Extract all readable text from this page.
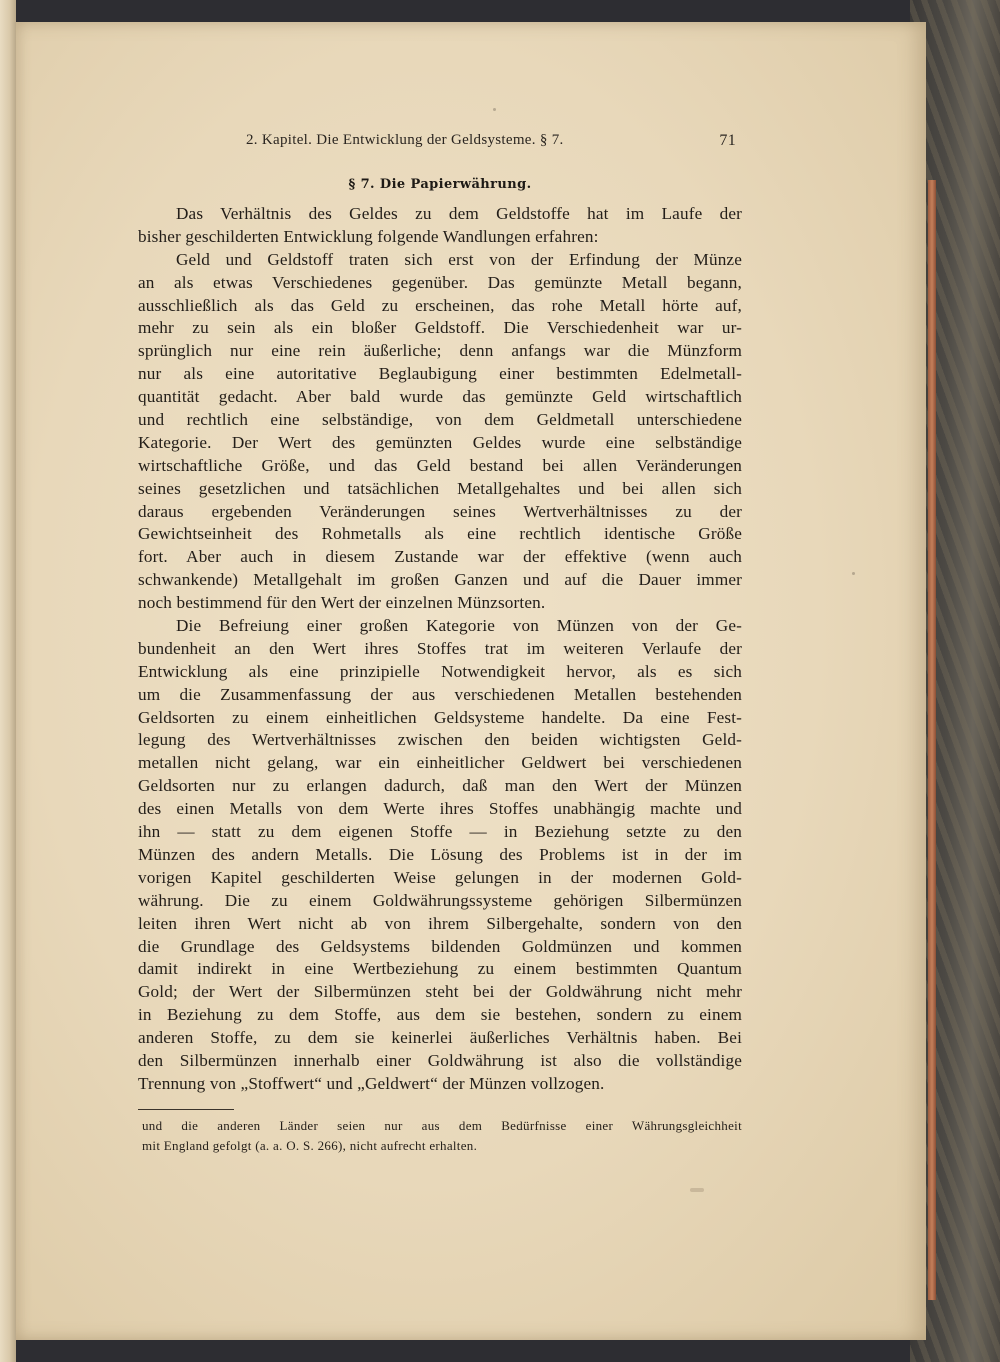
2. Kapitel. Die Entwicklung der Geldsysteme. § 7.	71
§ 7. Die Papierwährung.
Das Verhältnis des Geldes zu dem Geldstoffe hat im Laufe der
bisher geschilderten Entwicklung folgende Wandlungen erfahren:
Geld und Geldstoff traten sich erst von der Erfindung der Münze
an als etwas Verschiedenes gegenüber. Das gemünzte Metall begann,
ausschließlich als das Geld zu erscheinen, das rohe Metall hörte auf,
mehr zu sein als ein bloßer Geldstoff. Die Verschiedenheit war ur-
sprünglich nur eine rein äußerliche; denn anfangs war die Münzform
nur als eine autoritative Beglaubigung einer bestimmten Edelmetall-
quantität gedacht. Aber bald wurde das gemünzte Geld wirtschaftlich
und rechtlich eine selbständige, von dem Geldmetall unterschiedene
Kategorie. Der Wert des gemünzten Geldes wurde eine selbständige
wirtschaftliche Größe, und das Geld bestand bei allen Veränderungen
seines gesetzlichen und tatsächlichen Metallgehaltes und bei allen sich
daraus ergebenden Veränderungen seines Wertverhältnisses zu der
Gewichtseinheit des Rohmetalls als eine rechtlich identische Größe
fort. Aber auch in diesem Zustande war der effektive (wenn auch
schwankende) Metallgehalt im großen Ganzen und auf die Dauer immer
noch bestimmend für den Wert der einzelnen Münzsorten.
Die Befreiung einer großen Kategorie von Münzen von der Ge-
bundenheit an den Wert ihres Stoffes trat im weiteren Verlaufe der
Entwicklung als eine prinzipielle Notwendigkeit hervor, als es sich
um die Zusammenfassung der aus verschiedenen Metallen bestehenden
Geldsorten zu einem einheitlichen Geldsysteme handelte. Da eine Fest-
legung des Wertverhältnisses zwischen den beiden wichtigsten Geld-
metallen nicht gelang, war ein einheitlicher Geldwert bei verschiedenen
Geldsorten nur zu erlangen dadurch, daß man den Wert der Münzen
des einen Metalls von dem Werte ihres Stoffes unabhängig machte und
ihn — statt zu dem eigenen Stoffe — in Beziehung setzte zu den
Münzen des andern Metalls. Die Lösung des Problems ist in der im
vorigen Kapitel geschilderten Weise gelungen in der modernen Gold-
währung. Die zu einem Goldwährungssysteme gehörigen Silbermünzen
leiten ihren Wert nicht ab von ihrem Silbergehalte, sondern von den
die Grundlage des Geldsystems bildenden Goldmünzen und kommen
damit indirekt in eine Wertbeziehung zu einem bestimmten Quantum
Gold; der Wert der Silbermünzen steht bei der Goldwährung nicht mehr
in Beziehung zu dem Stoffe, aus dem sie bestehen, sondern zu einem
anderen Stoffe, zu dem sie keinerlei äußerliches Verhältnis haben. Bei
den Silbermünzen innerhalb einer Goldwährung ist also die vollständige
Trennung von „Stoffwert“ und „Geldwert“ der Münzen vollzogen.
und die anderen Länder seien nur aus dem Bedürfnisse einer Währungsgleichheit
mit England gefolgt (a. a. O. S. 266), nicht aufrecht erhalten.
